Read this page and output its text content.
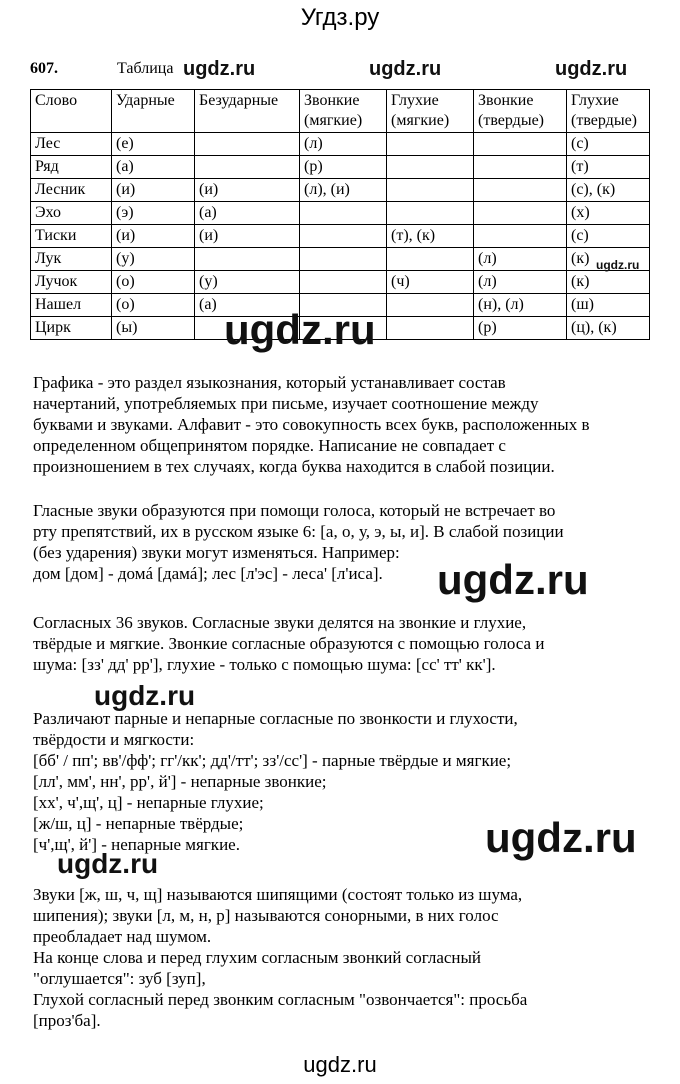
Угдз.ру
607.	Таблица
Слово	Ударные	Безударные	Звонкие (мягкие)	Глухие (мягкие)	Звонкие (твердые)	Глухие (твердые)
Лес	(е)		(л)			(с)
Ряд	(а)		(р)			(т)
Лесник	(и)	(и)	(л), (и)			(с), (к)
Эхо	(э)	(а)				(х)
Тиски	(и)	(и)		(т), (к)		(с)
Лук	(у)				(л)	(к)
Лучок	(о)	(у)		(ч)	(л)	(к)
Нашел	(о)	(а)			(н), (л)	(ш)
Цирк	(ы)				(р)	(ц), (к)
Графика - это раздел языкознания, который устанавливает состав
начертаний, употребляемых при письме, изучает соотношение между
буквами и звуками. Алфавит - это совокупность всех букв, расположенных в
определенном общепринятом порядке. Написание не совпадает с
произношением в тех случаях, когда буква находится в слабой позиции.
Гласные звуки образуются при помощи голоса, который не встречает во
рту препятствий, их в русском языке 6: [а, о, у, э, ы, и]. В слабой позиции
(без ударения) звуки могут изменяться. Например:
дом [дом] - домá [дамá]; лес [л'эс] - леса' [л'иса].
Согласных 36 звуков. Согласные звуки делятся на звонкие и глухие,
твёрдые и мягкие. Звонкие согласные образуются с помощью голоса и
шума: [зз' дд' рр'], глухие - только с помощью шума: [сс' тт' кк'].
Различают парные и непарные согласные по звонкости и глухости,
твёрдости и мягкости:
[бб' / пп'; вв'/фф'; гг'/кк'; дд'/тт'; зз'/сс'] - парные твёрдые и мягкие;
[лл', мм', нн', рр', й'] - непарные звонкие;
[хх', ч',щ', ц] - непарные глухие;
[ж/ш, ц] - непарные твёрдые;
[ч',щ', й'] - непарные мягкие.
Звуки [ж, ш, ч, щ] называются шипящими (состоят только из шума,
шипения); звуки [л, м, н, р] называются сонорными, в них голос
преобладает над шумом.
На конце слова и перед глухим согласным звонкий согласный
"оглушается": зуб [зуп],
Глухой согласный перед звонким согласным "озвончается": просьба
[проз'ба].
ugdz.ru	ugdz.ru	ugdz.ru
ugdz.ru
ugdz.ru
ugdz.ru
ugdz.ru
ugdz.ru
ugdz.ru
ugdz.ru
